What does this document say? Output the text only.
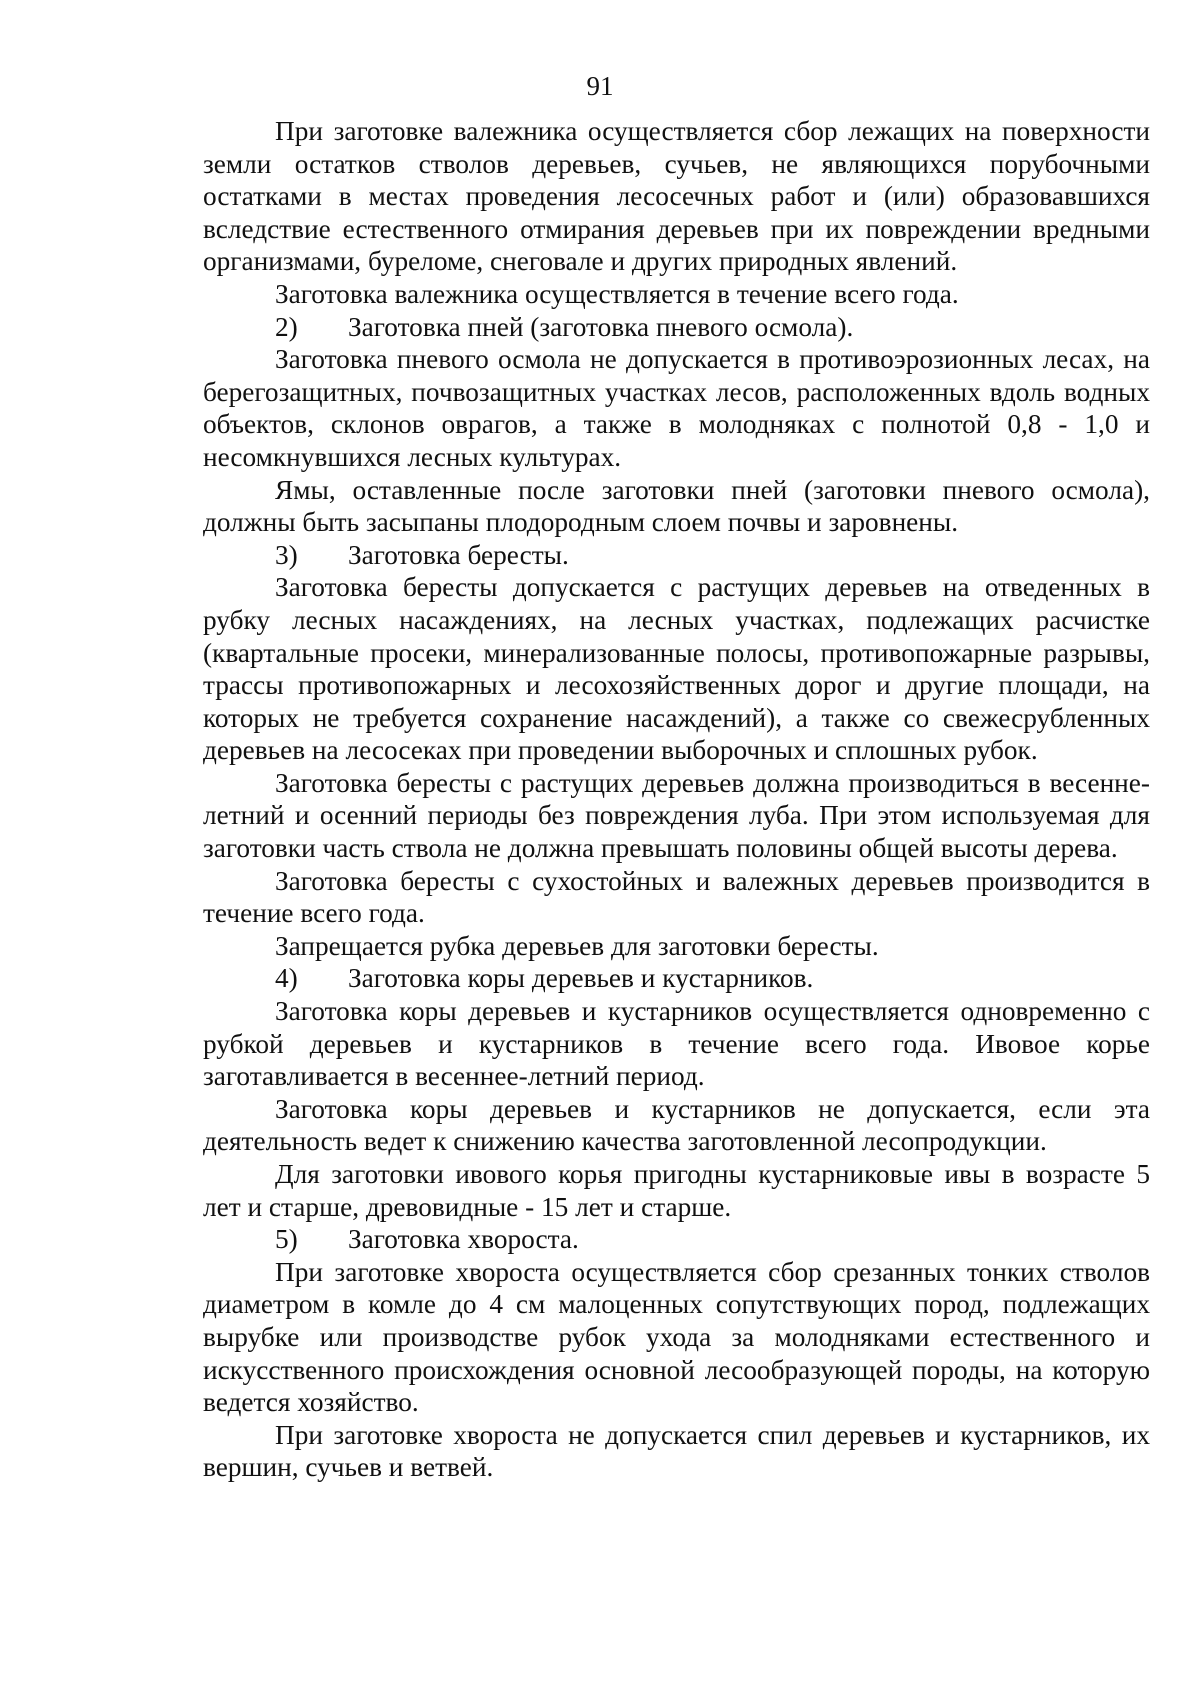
91

При заготовке валежника осуществляется сбор лежащих на поверхности земли остатков стволов деревьев, сучьев, не являющихся порубочными остатками в местах проведения лесосечных работ и (или) образовавшихся вследствие естественного отмирания деревьев при их повреждении вредными организмами, буреломе, снеговале и других природных явлений.

Заготовка валежника осуществляется в течение всего года.

2)	Заготовка пней (заготовка пневого осмола).

Заготовка пневого осмола не допускается в противоэрозионных лесах, на берегозащитных, почвозащитных участках лесов, расположенных вдоль водных объектов, склонов оврагов, а также в молодняках с полнотой 0,8 - 1,0 и несомкнувшихся лесных культурах.

Ямы, оставленные после заготовки пней (заготовки пневого осмола), должны быть засыпаны плодородным слоем почвы и заровнены.

3)	Заготовка бересты.

Заготовка бересты допускается с растущих деревьев на отведенных в рубку лесных насаждениях, на лесных участках, подлежащих расчистке (квартальные просеки, минерализованные полосы, противопожарные разрывы, трассы противопожарных и лесохозяйственных дорог и другие площади, на которых не требуется сохранение насаждений), а также со свежесрубленных деревьев на лесосеках при проведении выборочных и сплошных рубок.

Заготовка бересты с растущих деревьев должна производиться в весенне-летний и осенний периоды без повреждения луба. При этом используемая для заготовки часть ствола не должна превышать половины общей высоты дерева.

Заготовка бересты с сухостойных и валежных деревьев производится в течение всего года.

Запрещается рубка деревьев для заготовки бересты.

4)	Заготовка коры деревьев и кустарников.

Заготовка коры деревьев и кустарников осуществляется одновременно с рубкой деревьев и кустарников в течение всего года. Ивовое корье заготавливается в весеннее-летний период.

Заготовка коры деревьев и кустарников не допускается, если эта деятельность ведет к снижению качества заготовленной лесопродукции.

Для заготовки ивового корья пригодны кустарниковые ивы в возрасте 5 лет и старше, древовидные - 15 лет и старше.

5)	Заготовка хвороста.

При заготовке хвороста осуществляется сбор срезанных тонких стволов диаметром в комле до 4 см малоценных сопутствующих пород, подлежащих вырубке или производстве рубок ухода за молодняками естественного и искусственного происхождения основной лесообразующей породы, на которую ведется хозяйство.

При заготовке хвороста не допускается спил деревьев и кустарников, их вершин, сучьев и ветвей.
